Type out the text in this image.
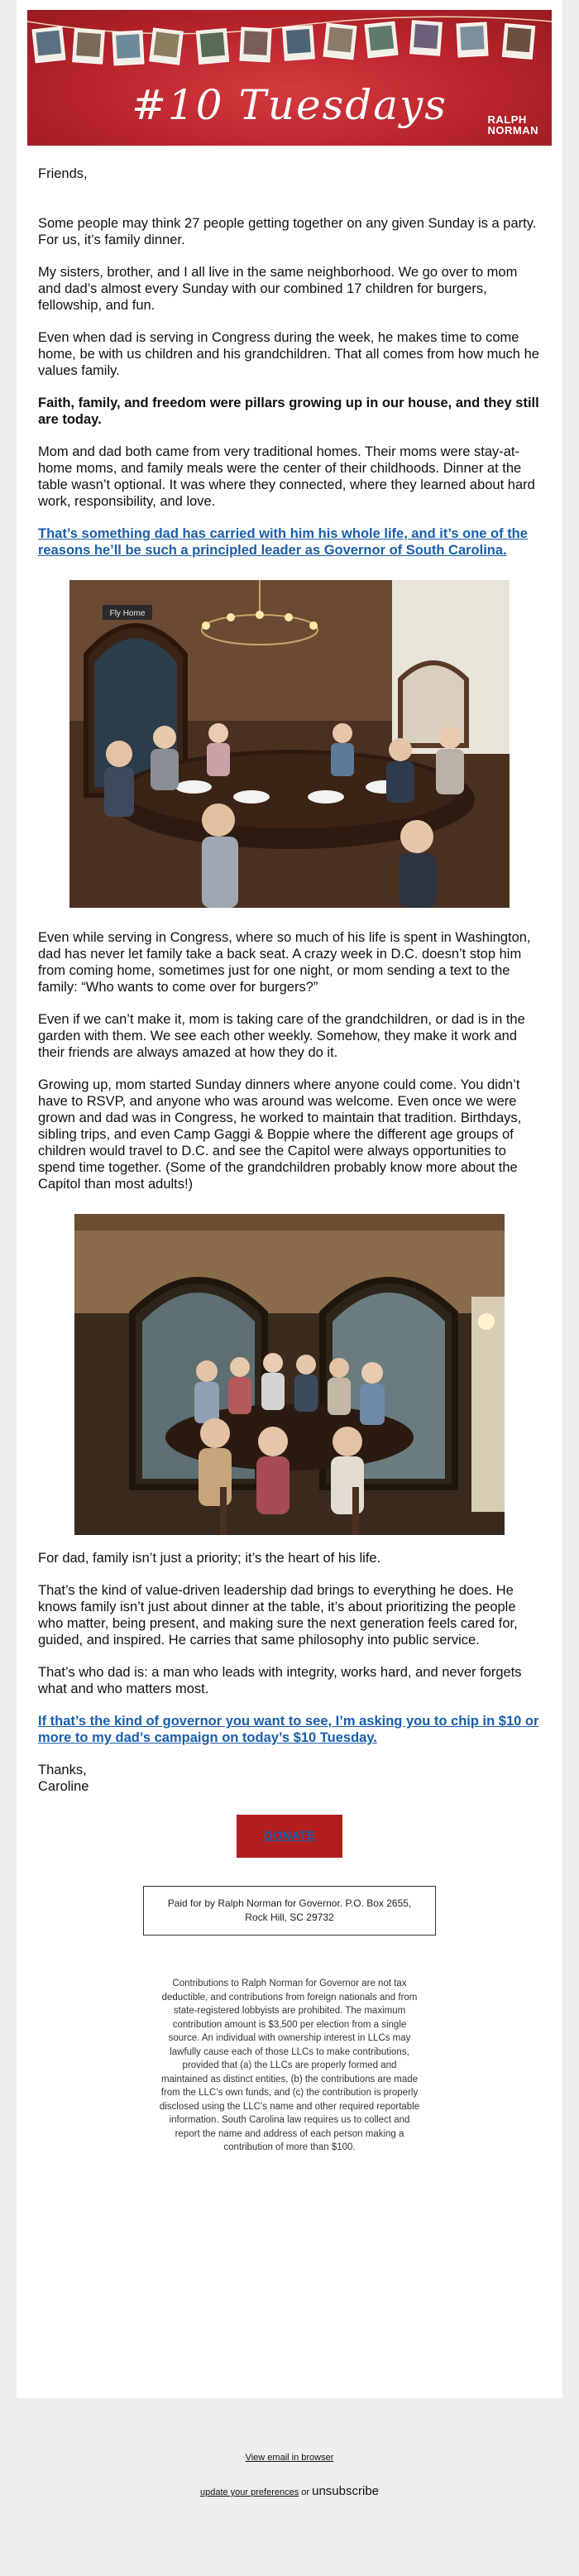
#10 Tuesdays	RALPH
NORMAN

Friends,

Some people may think 27 people getting together on any given Sunday is a party. For us, it’s family dinner.

My sisters, brother, and I all live in the same neighborhood. We go over to mom and dad’s almost every Sunday with our combined 17 children for burgers, fellowship, and fun.

Even when dad is serving in Congress during the week, he makes time to come home, be with us children and his grandchildren. That all comes from how much he values family.

Faith, family, and freedom were pillars growing up in our house, and they still are today.

Mom and dad both came from very traditional homes. Their moms were stay-at-home moms, and family meals were the center of their childhoods. Dinner at the table wasn’t optional. It was where they connected, where they learned about hard work, responsibility, and love.

That’s something dad has carried with him his whole life, and it’s one of the reasons he’ll be such a principled leader as Governor of South Carolina.

Fly Home

Even while serving in Congress, where so much of his life is spent in Washington, dad has never let family take a back seat. A crazy week in D.C. doesn’t stop him from coming home, sometimes just for one night, or mom sending a text to the family: “Who wants to come over for burgers?”

Even if we can’t make it, mom is taking care of the grandchildren, or dad is in the garden with them. We see each other weekly. Somehow, they make it work and their friends are always amazed at how they do it.

Growing up, mom started Sunday dinners where anyone could come. You didn’t have to RSVP, and anyone who was around was welcome. Even once we were grown and dad was in Congress, he worked to maintain that tradition. Birthdays, sibling trips, and even Camp Gaggi & Boppie where the different age groups of children would travel to D.C. and see the Capitol were always opportunities to spend time together. (Some of the grandchildren probably know more about the Capitol than most adults!)

For dad, family isn’t just a priority; it’s the heart of his life.

That’s the kind of value-driven leadership dad brings to everything he does. He knows family isn’t just about dinner at the table, it’s about prioritizing the people who matter, being present, and making sure the next generation feels cared for, guided, and inspired. He carries that same philosophy into public service.

That’s who dad is: a man who leads with integrity, works hard, and never forgets what and who matters most.

If that’s the kind of governor you want to see, I’m asking you to chip in $10 or more to my dad’s campaign on today’s $10 Tuesday.

Thanks,

Caroline

DONATE
Paid for by Ralph Norman for Governor. P.O. Box 2655, Rock Hill, SC 29732
Contributions to Ralph Norman for Governor are not tax deductible, and contributions from foreign nationals and from state-registered lobbyists are prohibited. The maximum contribution amount is $3,500 per election from a single source. An individual with ownership interest in LLCs may lawfully cause each of those LLCs to make contributions, provided that (a) the LLCs are properly formed and maintained as distinct entities, (b) the contributions are made from the LLC’s own funds, and (c) the contribution is properly disclosed using the LLC’s name and other required reportable information. South Carolina law requires us to collect and report the name and address of each person making a contribution of more than $100.
View email in browser
update your preferences or unsubscribe
